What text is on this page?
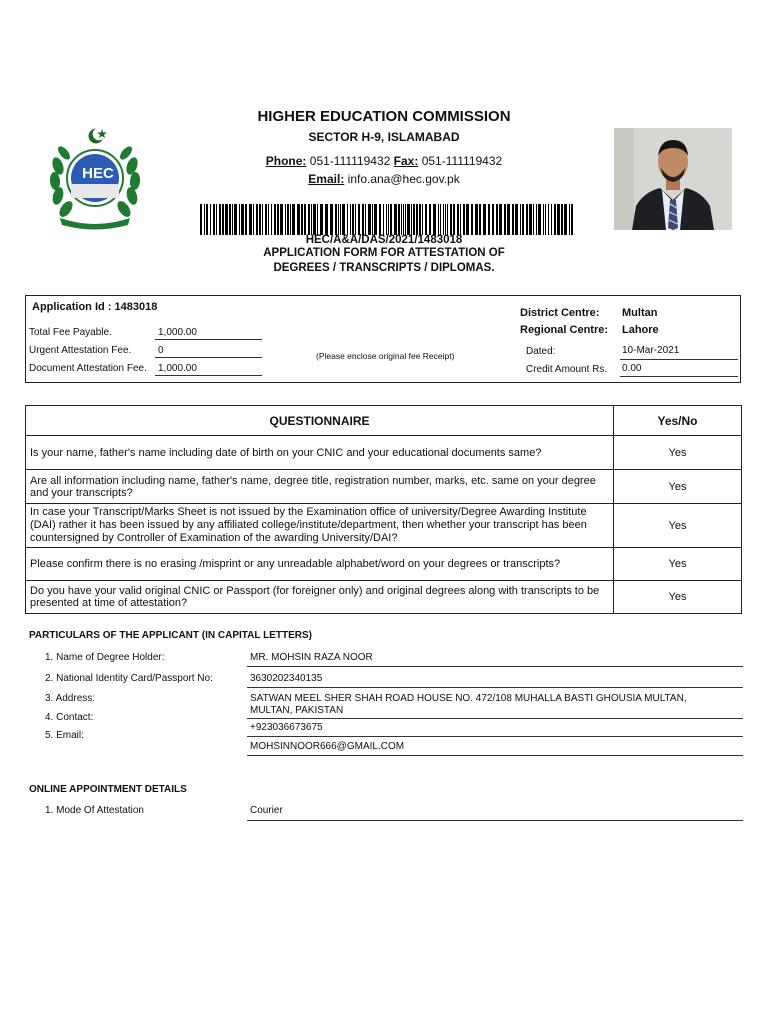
HEC
HIGHER EDUCATION COMMISSION
SECTOR H-9, ISLAMABAD
Phone: 051-111119432 Fax: 051-111119432
Email: info.ana@hec.gov.pk
HEC/A&A/DAS/2021/1483018
APPLICATION FORM FOR ATTESTATION OF
DEGREES / TRANSCRIPTS / DIPLOMAS.
Application Id : 1483018
Total Fee Payable.	1,000.00
Urgent Attestation Fee.	0
Document Attestation Fee.	1,000.00
(Please enclose original fee Receipt)
District Centre: Multan
Regional Centre: Lahore
Dated:	10-Mar-2021
Credit Amount Rs. 0.00
QUESTIONNAIRE	Yes/No
Is your name, father's name including date of birth on your CNIC and your educational documents same?	Yes
Are all information including name, father's name, degree title, registration number, marks, etc. same on your degree and your transcripts?	Yes
In case your Transcript/Marks Sheet is not issued by the Examination office of university/Degree Awarding Institute (DAI) rather it has been issued by any affiliated college/institute/department, then whether your transcript has been countersigned by Controller of Examination of the awarding University/DAI?	Yes
Please confirm there is no erasing /misprint or any unreadable alphabet/word on your degrees or transcripts?	Yes
Do you have your valid original CNIC or Passport (for foreigner only) and original degrees along with transcripts to be presented at time of attestation?	Yes
PARTICULARS OF THE APPLICANT (IN CAPITAL LETTERS)
1. Name of Degree Holder:	MR. MOHSIN RAZA NOOR
2. National Identity Card/Passport No:	3630202340135
3. Address:	SATWAN MEEL SHER SHAH ROAD HOUSE NO. 472/108 MUHALLA BASTI GHOUSIA MULTAN,
MULTAN, PAKISTAN
4. Contact:
+923036673675
5. Email:
MOHSINNOOR666@GMAIL.COM
ONLINE APPOINTMENT DETAILS
1. Mode Of Attestation	Courier
